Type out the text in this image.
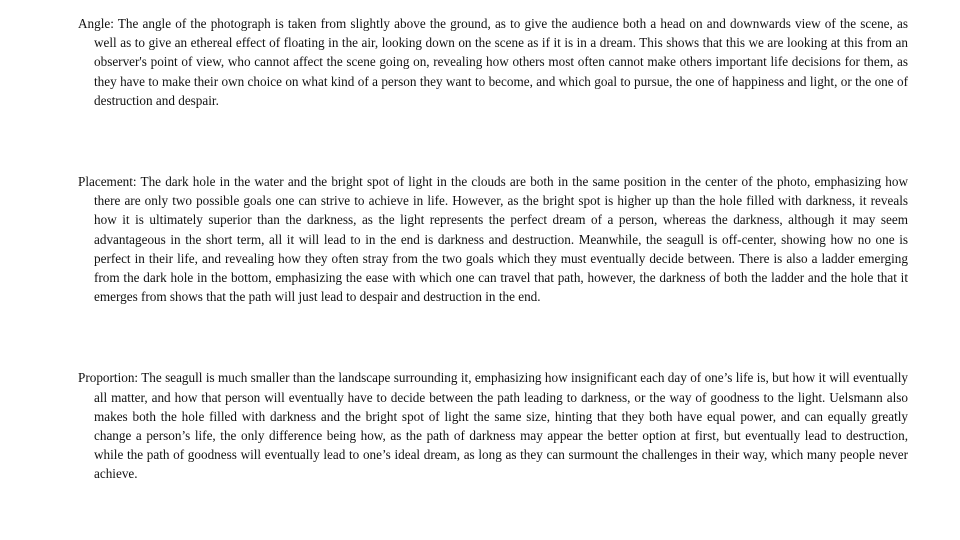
Angle: The angle of the photograph is taken from slightly above the ground, as to give the audience both a head on and downwards view of the scene, as well as to give an ethereal effect of floating in the air, looking down on the scene as if it is in a dream. This shows that this we are looking at this from an observer's point of view, who cannot affect the scene going on, revealing how others most often cannot make others important life decisions for them, as they have to make their own choice on what kind of a person they want to become, and which goal to pursue, the one of happiness and light, or the one of destruction and despair.

Placement: The dark hole in the water and the bright spot of light in the clouds are both in the same position in the center of the photo, emphasizing how there are only two possible goals one can strive to achieve in life. However, as the bright spot is higher up than the hole filled with darkness, it reveals how it is ultimately superior than the darkness, as the light represents the perfect dream of a person, whereas the darkness, although it may seem advantageous in the short term, all it will lead to in the end is darkness and destruction. Meanwhile, the seagull is off-center, showing how no one is perfect in their life, and revealing how they often stray from the two goals which they must eventually decide between. There is also a ladder emerging from the dark hole in the bottom, emphasizing the ease with which one can travel that path, however, the darkness of both the ladder and the hole that it emerges from shows that the path will just lead to despair and destruction in the end.

Proportion: The seagull is much smaller than the landscape surrounding it, emphasizing how insignificant each day of one’s life is, but how it will eventually all matter, and how that person will eventually have to decide between the path leading to darkness, or the way of goodness to the light. Uelsmann also makes both the hole filled with darkness and the bright spot of light the same size, hinting that they both have equal power, and can equally greatly change a person’s life, the only difference being how, as the path of darkness may appear the better option at first, but eventually lead to destruction, while the path of goodness will eventually lead to one’s ideal dream, as long as they can surmount the challenges in their way, which many people never achieve.
